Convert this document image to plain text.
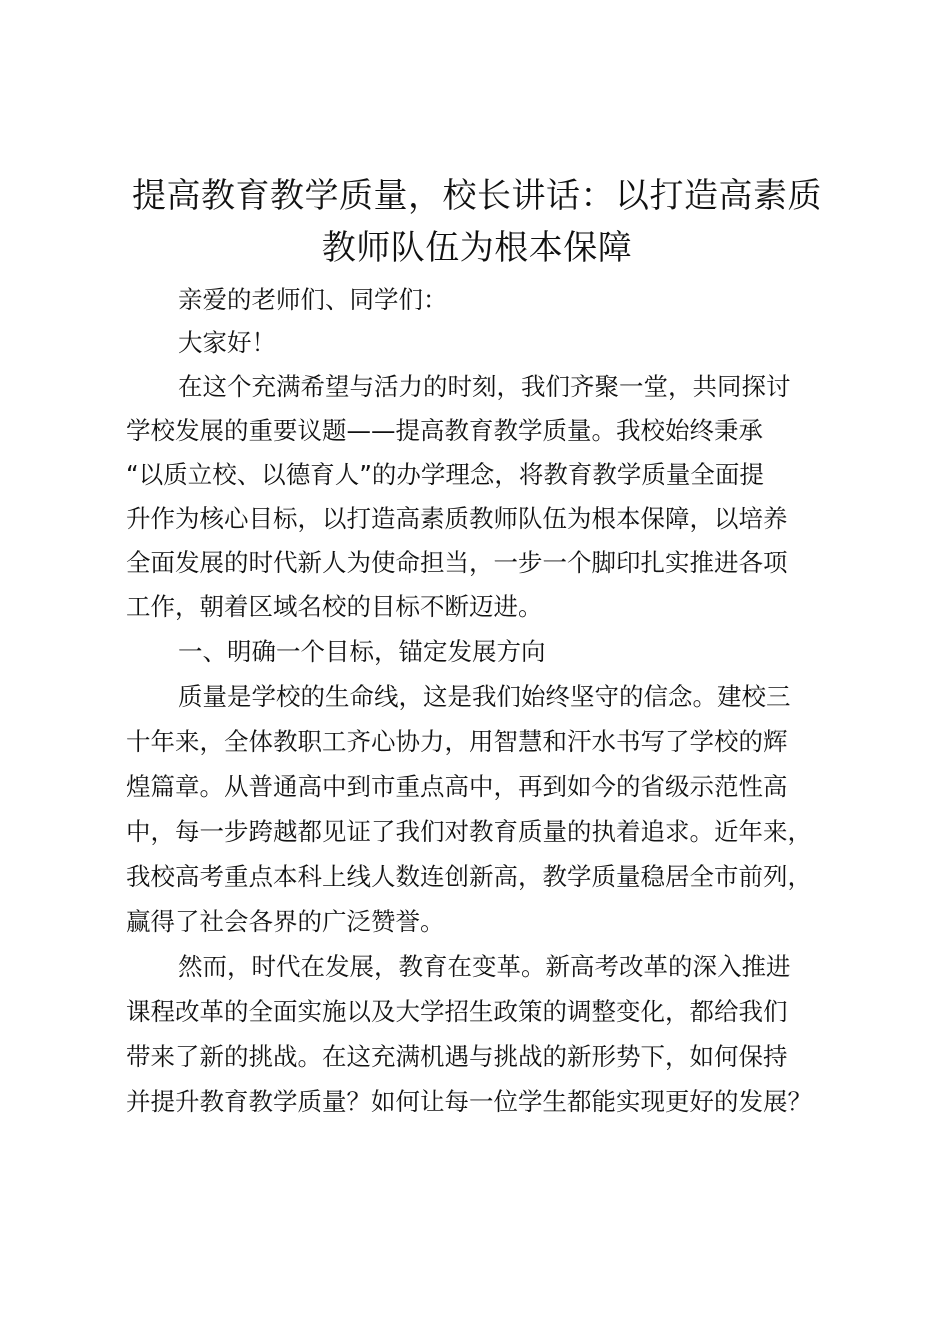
提高教育教学质量，校长讲话：以打造高素质
教师队伍为根本保障

亲爱的老师们、同学们：

大家好！

在这个充满希望与活力的时刻，我们齐聚一堂，共同探讨

学校发展的重要议题——提高教育教学质量。我校始终秉承

“以质立校、以德育人”的办学理念，将教育教学质量全面提

升作为核心目标，以打造高素质教师队伍为根本保障，以培养

全面发展的时代新人为使命担当，一步一个脚印扎实推进各项

工作，朝着区域名校的目标不断迈进。

一、明确一个目标，锚定发展方向

质量是学校的生命线，这是我们始终坚守的信念。建校三

十年来，全体教职工齐心协力，用智慧和汗水书写了学校的辉

煌篇章。从普通高中到市重点高中，再到如今的省级示范性高

中，每一步跨越都见证了我们对教育质量的执着追求。近年来，

我校高考重点本科上线人数连创新高，教学质量稳居全市前列，

赢得了社会各界的广泛赞誉。

然而，时代在发展，教育在变革。新高考改革的深入推进

课程改革的全面实施以及大学招生政策的调整变化，都给我们

带来了新的挑战。在这充满机遇与挑战的新形势下，如何保持

并提升教育教学质量？如何让每一位学生都能实现更好的发展？
